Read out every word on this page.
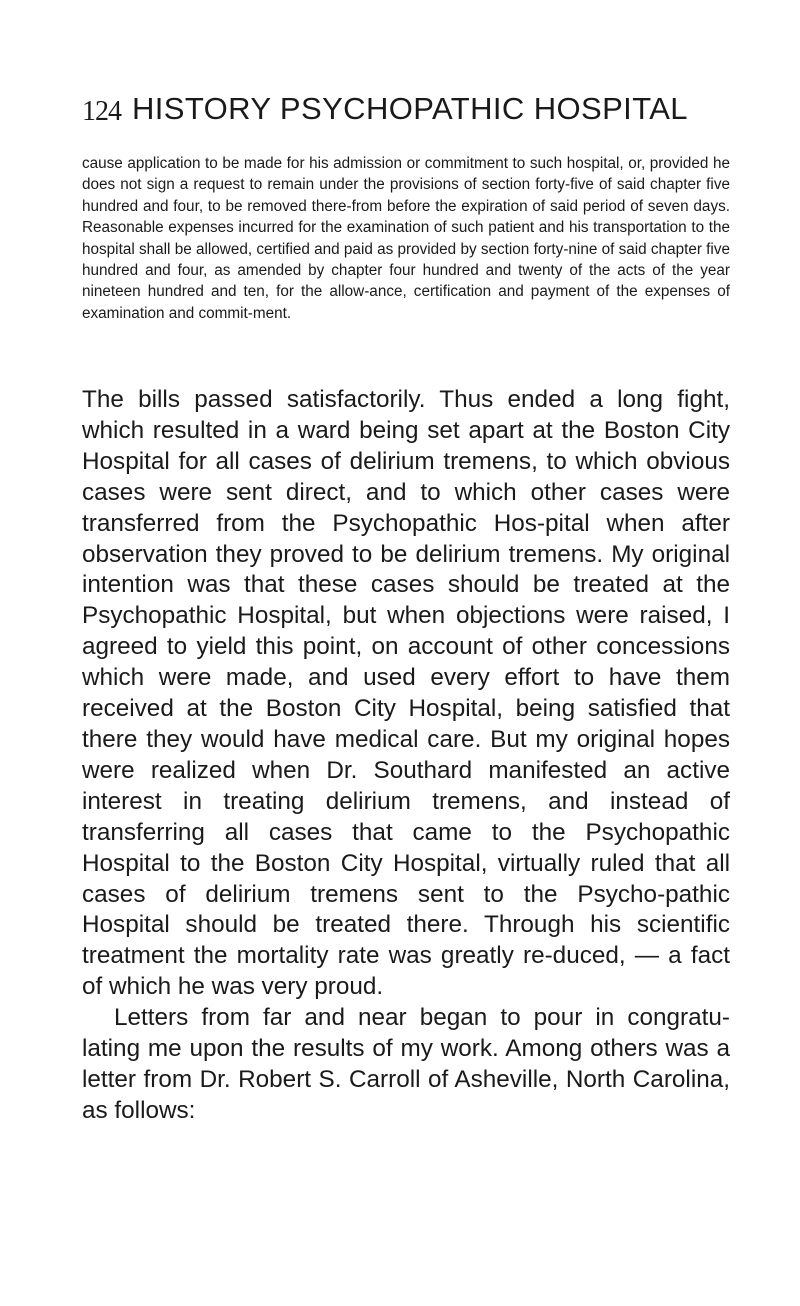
124 HISTORY PSYCHOPATHIC HOSPITAL

cause application to be made for his admission or commitment to such hospital, or, provided he does not sign a request to remain under the provisions of section forty-five of said chapter five hundred and four, to be removed there-from before the expiration of said period of seven days. Reasonable expenses incurred for the examination of such patient and his transportation to the hospital shall be allowed, certified and paid as provided by section forty-nine of said chapter five hundred and four, as amended by chapter four hundred and twenty of the acts of the year nineteen hundred and ten, for the allow-ance, certification and payment of the expenses of examination and commit-ment.

The bills passed satisfactorily. Thus ended a long fight, which resulted in a ward being set apart at the Boston City Hospital for all cases of delirium tremens, to which obvious cases were sent direct, and to which other cases were transferred from the Psychopathic Hos-pital when after observation they proved to be delirium tremens. My original intention was that these cases should be treated at the Psychopathic Hospital, but when objections were raised, I agreed to yield this point, on account of other concessions which were made, and used every effort to have them received at the Boston City Hospital, being satisfied that there they would have medical care. But my original hopes were realized when Dr. Southard manifested an active interest in treating delirium tremens, and instead of transferring all cases that came to the Psychopathic Hospital to the Boston City Hospital, virtually ruled that all cases of delirium tremens sent to the Psycho-pathic Hospital should be treated there. Through his scientific treatment the mortality rate was greatly re-duced, — a fact of which he was very proud.

Letters from far and near began to pour in congratu-lating me upon the results of my work. Among others was a letter from Dr. Robert S. Carroll of Asheville, North Carolina, as follows:
